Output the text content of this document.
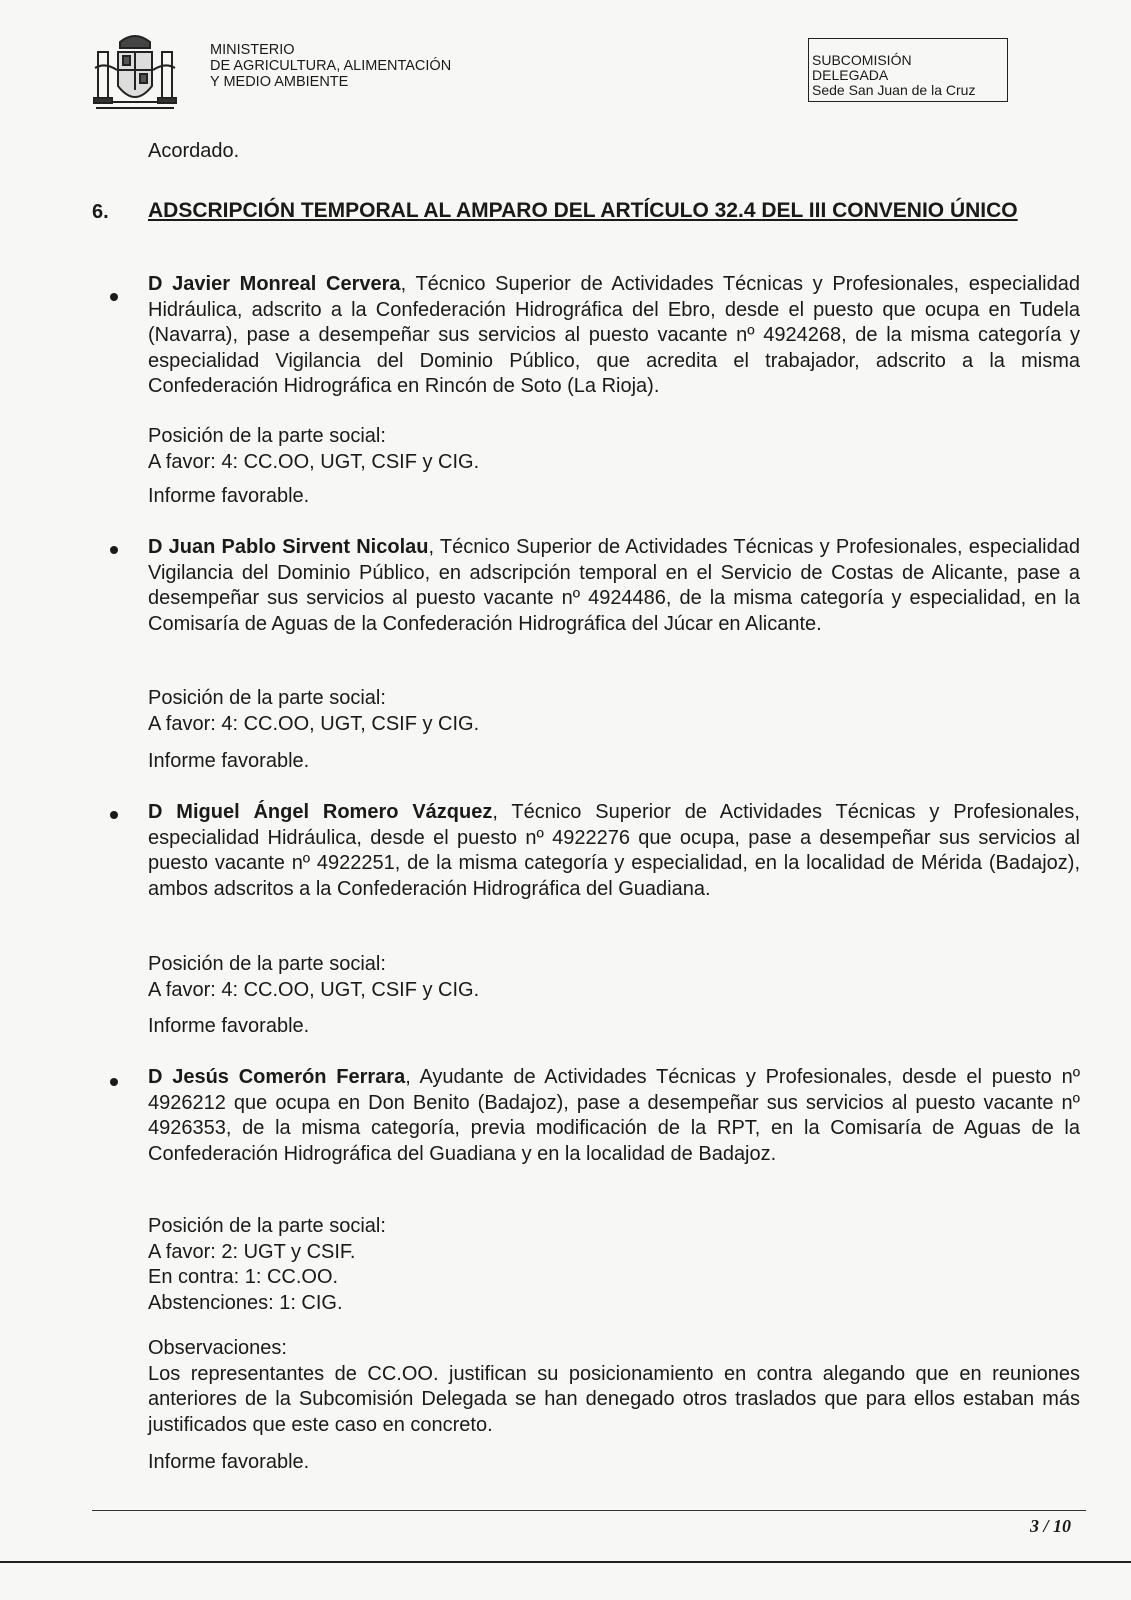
MINISTERIO
DE AGRICULTURA, ALIMENTACIÓN
Y MEDIO AMBIENTE
SUBCOMISIÓN
DELEGADA
Sede San Juan de la Cruz
Acordado.
6. ADSCRIPCIÓN TEMPORAL AL AMPARO DEL ARTÍCULO 32.4 DEL III CONVENIO ÚNICO

D Javier Monreal Cervera, Técnico Superior de Actividades Técnicas y Profesionales, especialidad Hidráulica, adscrito a la Confederación Hidrográfica del Ebro, desde el puesto que ocupa en Tudela (Navarra), pase a desempeñar sus servicios al puesto vacante nº 4924268, de la misma categoría y especialidad Vigilancia del Dominio Público, que acredita el trabajador, adscrito a la misma Confederación Hidrográfica en Rincón de Soto (La Rioja).

Posición de la parte social:
A favor: 4: CC.OO, UGT, CSIF y CIG.
Informe favorable.

D Juan Pablo Sirvent Nicolau, Técnico Superior de Actividades Técnicas y Profesionales, especialidad Vigilancia del Dominio Público, en adscripción temporal en el Servicio de Costas de Alicante, pase a desempeñar sus servicios al puesto vacante nº 4924486, de la misma categoría y especialidad, en la Comisaría de Aguas de la Confederación Hidrográfica del Júcar en Alicante.

Posición de la parte social:
A favor: 4: CC.OO, UGT, CSIF y CIG.
Informe favorable.

D Miguel Ángel Romero Vázquez, Técnico Superior de Actividades Técnicas y Profesionales, especialidad Hidráulica, desde el puesto nº 4922276 que ocupa, pase a desempeñar sus servicios al puesto vacante nº 4922251, de la misma categoría y especialidad, en la localidad de Mérida (Badajoz), ambos adscritos a la Confederación Hidrográfica del Guadiana.

Posición de la parte social:
A favor: 4: CC.OO, UGT, CSIF y CIG.
Informe favorable.

D Jesús Comerón Ferrara, Ayudante de Actividades Técnicas y Profesionales, desde el puesto nº 4926212 que ocupa en Don Benito (Badajoz), pase a desempeñar sus servicios al puesto vacante nº 4926353, de la misma categoría, previa modificación de la RPT, en la Comisaría de Aguas de la Confederación Hidrográfica del Guadiana y en la localidad de Badajoz.

Posición de la parte social:
A favor: 2: UGT y CSIF.
En contra: 1: CC.OO.
Abstenciones: 1: CIG.
Observaciones:

Los representantes de CC.OO. justifican su posicionamiento en contra alegando que en reuniones anteriores de la Subcomisión Delegada se han denegado otros traslados que para ellos estaban más justificados que este caso en concreto.

Informe favorable.
3 / 10
